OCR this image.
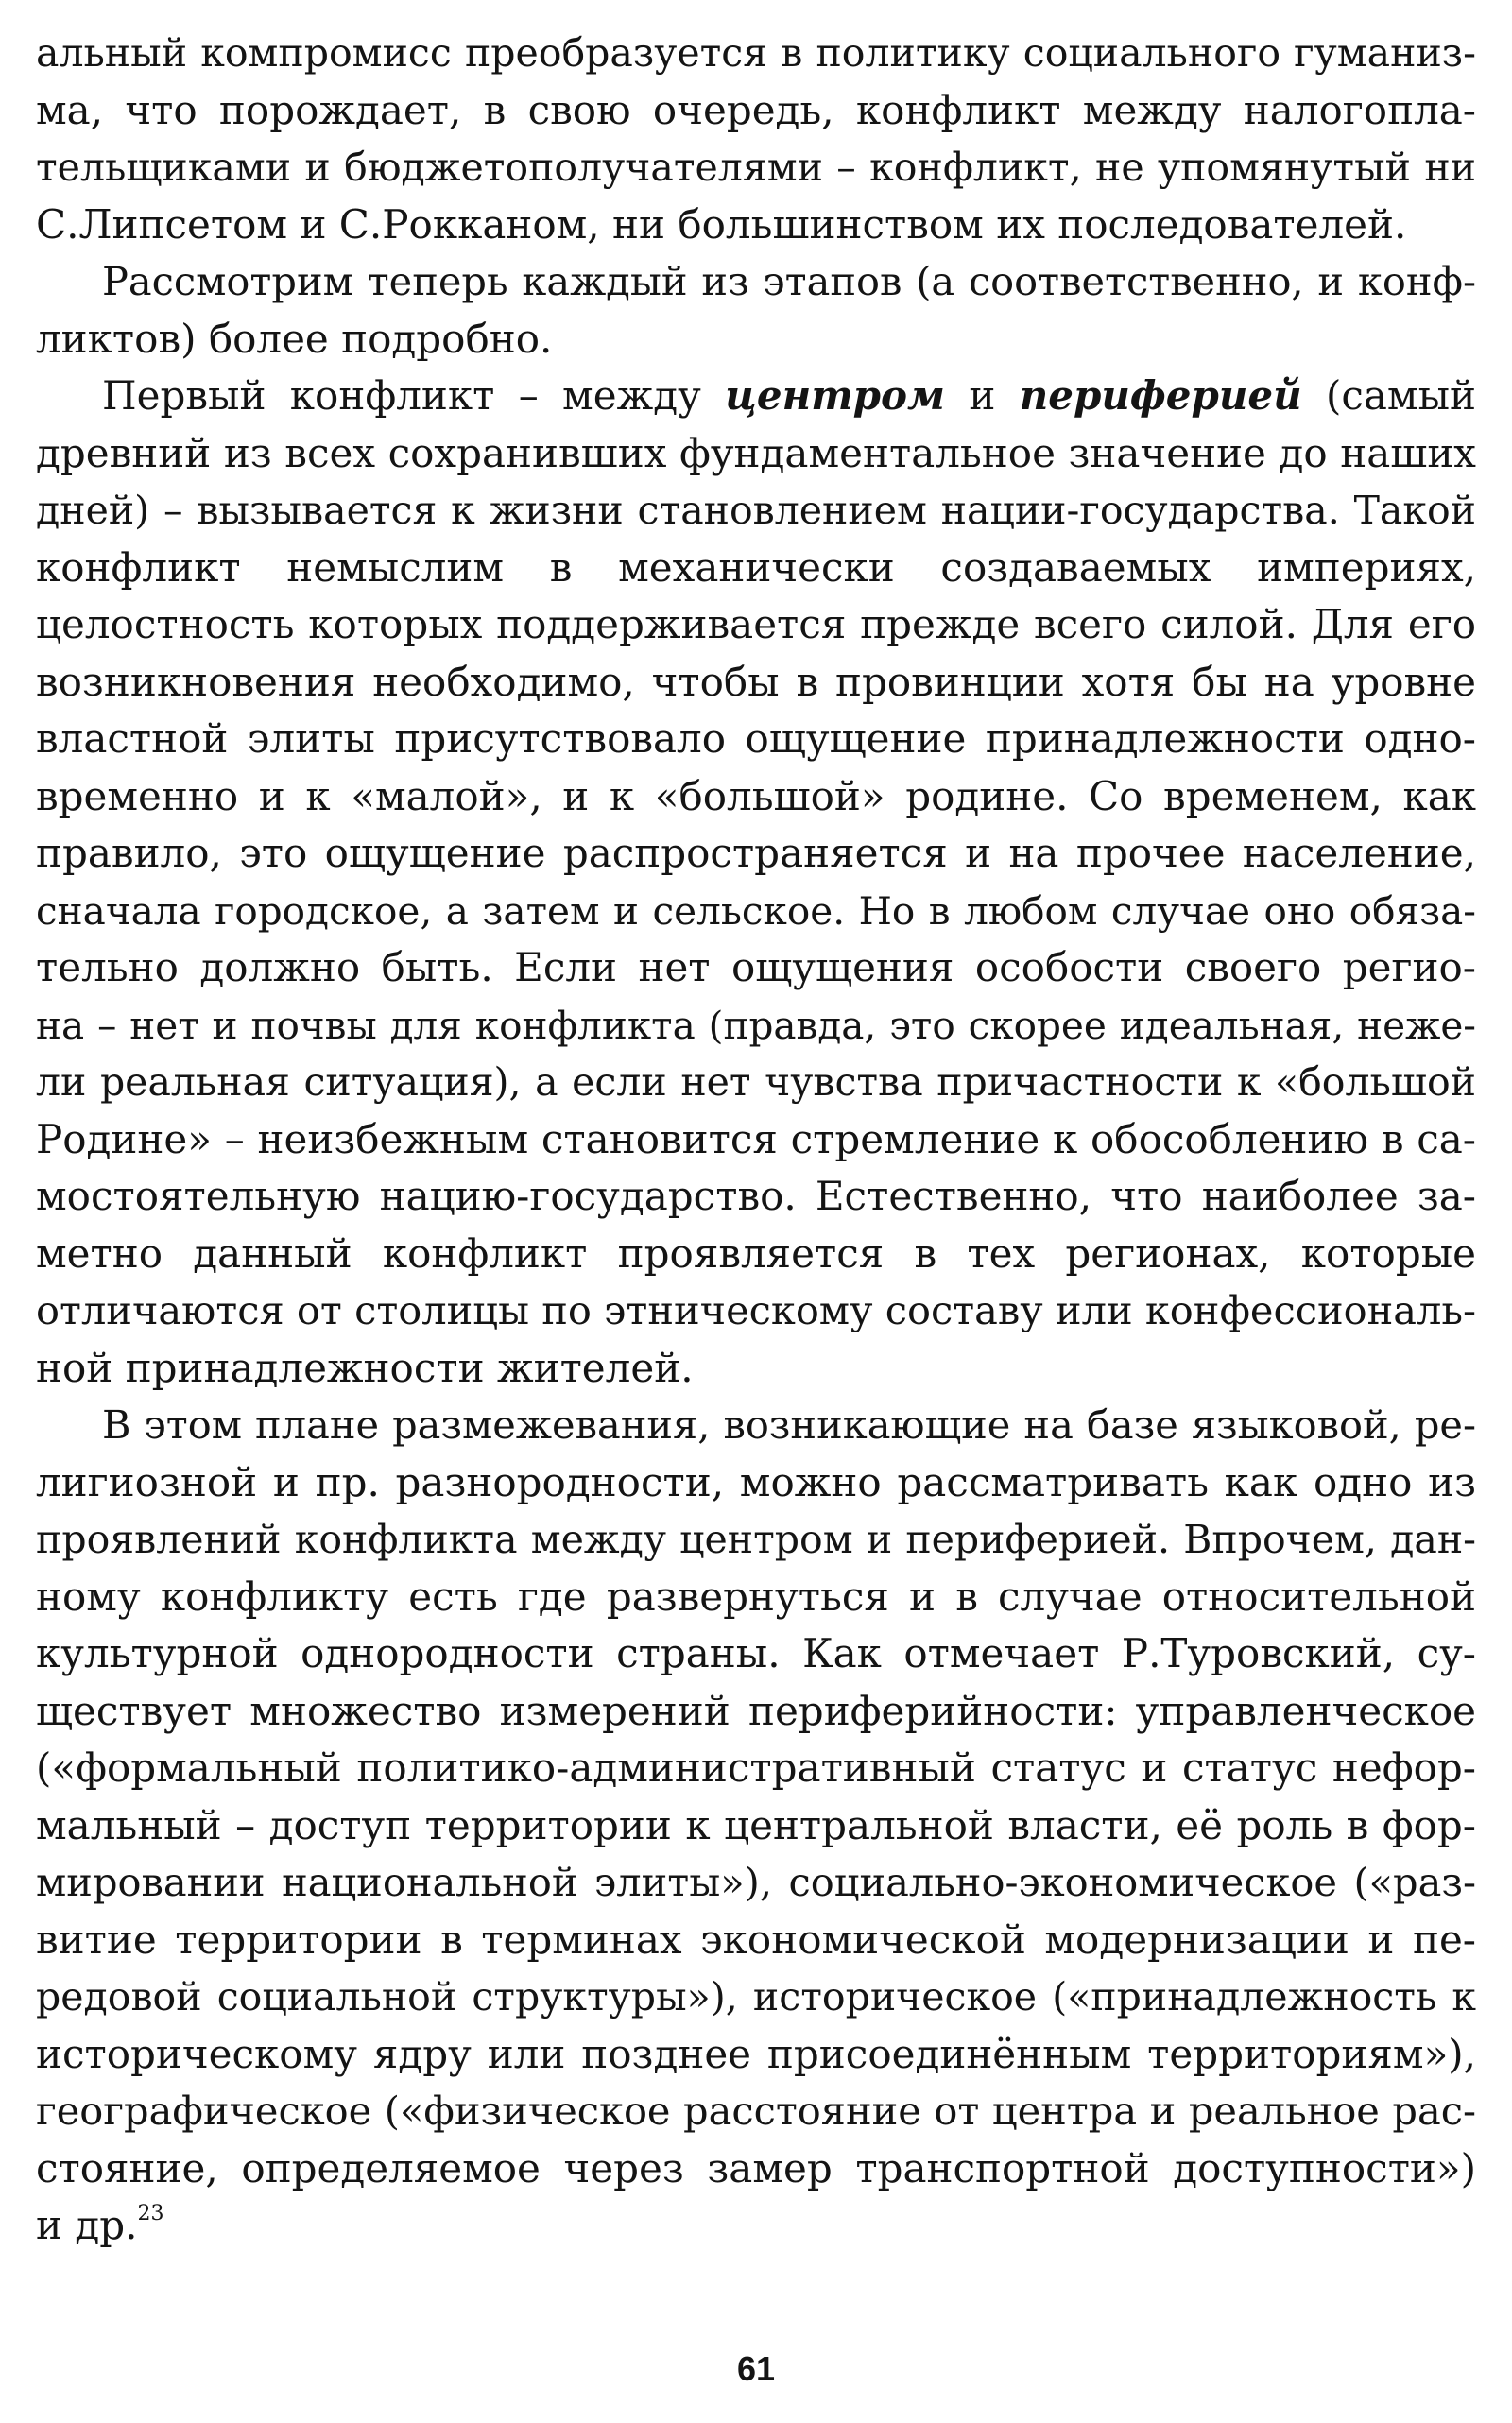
альный компромисс преобразуется в политику социального гуманиз-
ма, что порождает, в свою очередь, конфликт между налогопла-
тельщиками и бюджетополучателями – конфликт, не упомянутый ни
С.Липсетом и С.Рокканом, ни большинством их последователей.
Рассмотрим теперь каждый из этапов (а соответственно, и конф-
ликтов) более подробно.
Первый конфликт – между центром и периферией (самый
древний из всех сохранивших фундаментальное значение до наших
дней) – вызывается к жизни становлением нации-государства. Такой
конфликт немыслим в механически создаваемых империях,
целостность которых поддерживается прежде всего силой. Для его
возникновения необходимо, чтобы в провинции хотя бы на уровне
властной элиты присутствовало ощущение принадлежности одно-
временно и к «малой», и к «большой» родине. Со временем, как
правило, это ощущение распространяется и на прочее население,
сначала городское, а затем и сельское. Но в любом случае оно обяза-
тельно должно быть. Если нет ощущения особости своего регио-
на – нет и почвы для конфликта (правда, это скорее идеальная, неже-
ли реальная ситуация), а если нет чувства причастности к «большой
Родине» – неизбежным становится стремление к обособлению в са-
мостоятельную нацию-государство. Естественно, что наиболее за-
метно данный конфликт проявляется в тех регионах, которые
отличаются от столицы по этническому составу или конфессиональ-
ной принадлежности жителей.
В этом плане размежевания, возникающие на базе языковой, ре-
лигиозной и пр. разнородности, можно рассматривать как одно из
проявлений конфликта между центром и периферией. Впрочем, дан-
ному конфликту есть где развернуться и в случае относительной
культурной однородности страны. Как отмечает Р.Туровский, су-
ществует множество измерений периферийности: управленческое
(«формальный политико-административный статус и статус нефор-
мальный – доступ территории к центральной власти, её роль в фор-
мировании национальной элиты»), социально-экономическое («раз-
витие территории в терминах экономической модернизации и пе-
редовой социальной структуры»), историческое («принадлежность к
историческому ядру или позднее присоединённым территориям»),
географическое («физическое расстояние от центра и реальное рас-
стояние, определяемое через замер транспортной доступности»)
и др.$^{23}$
61
